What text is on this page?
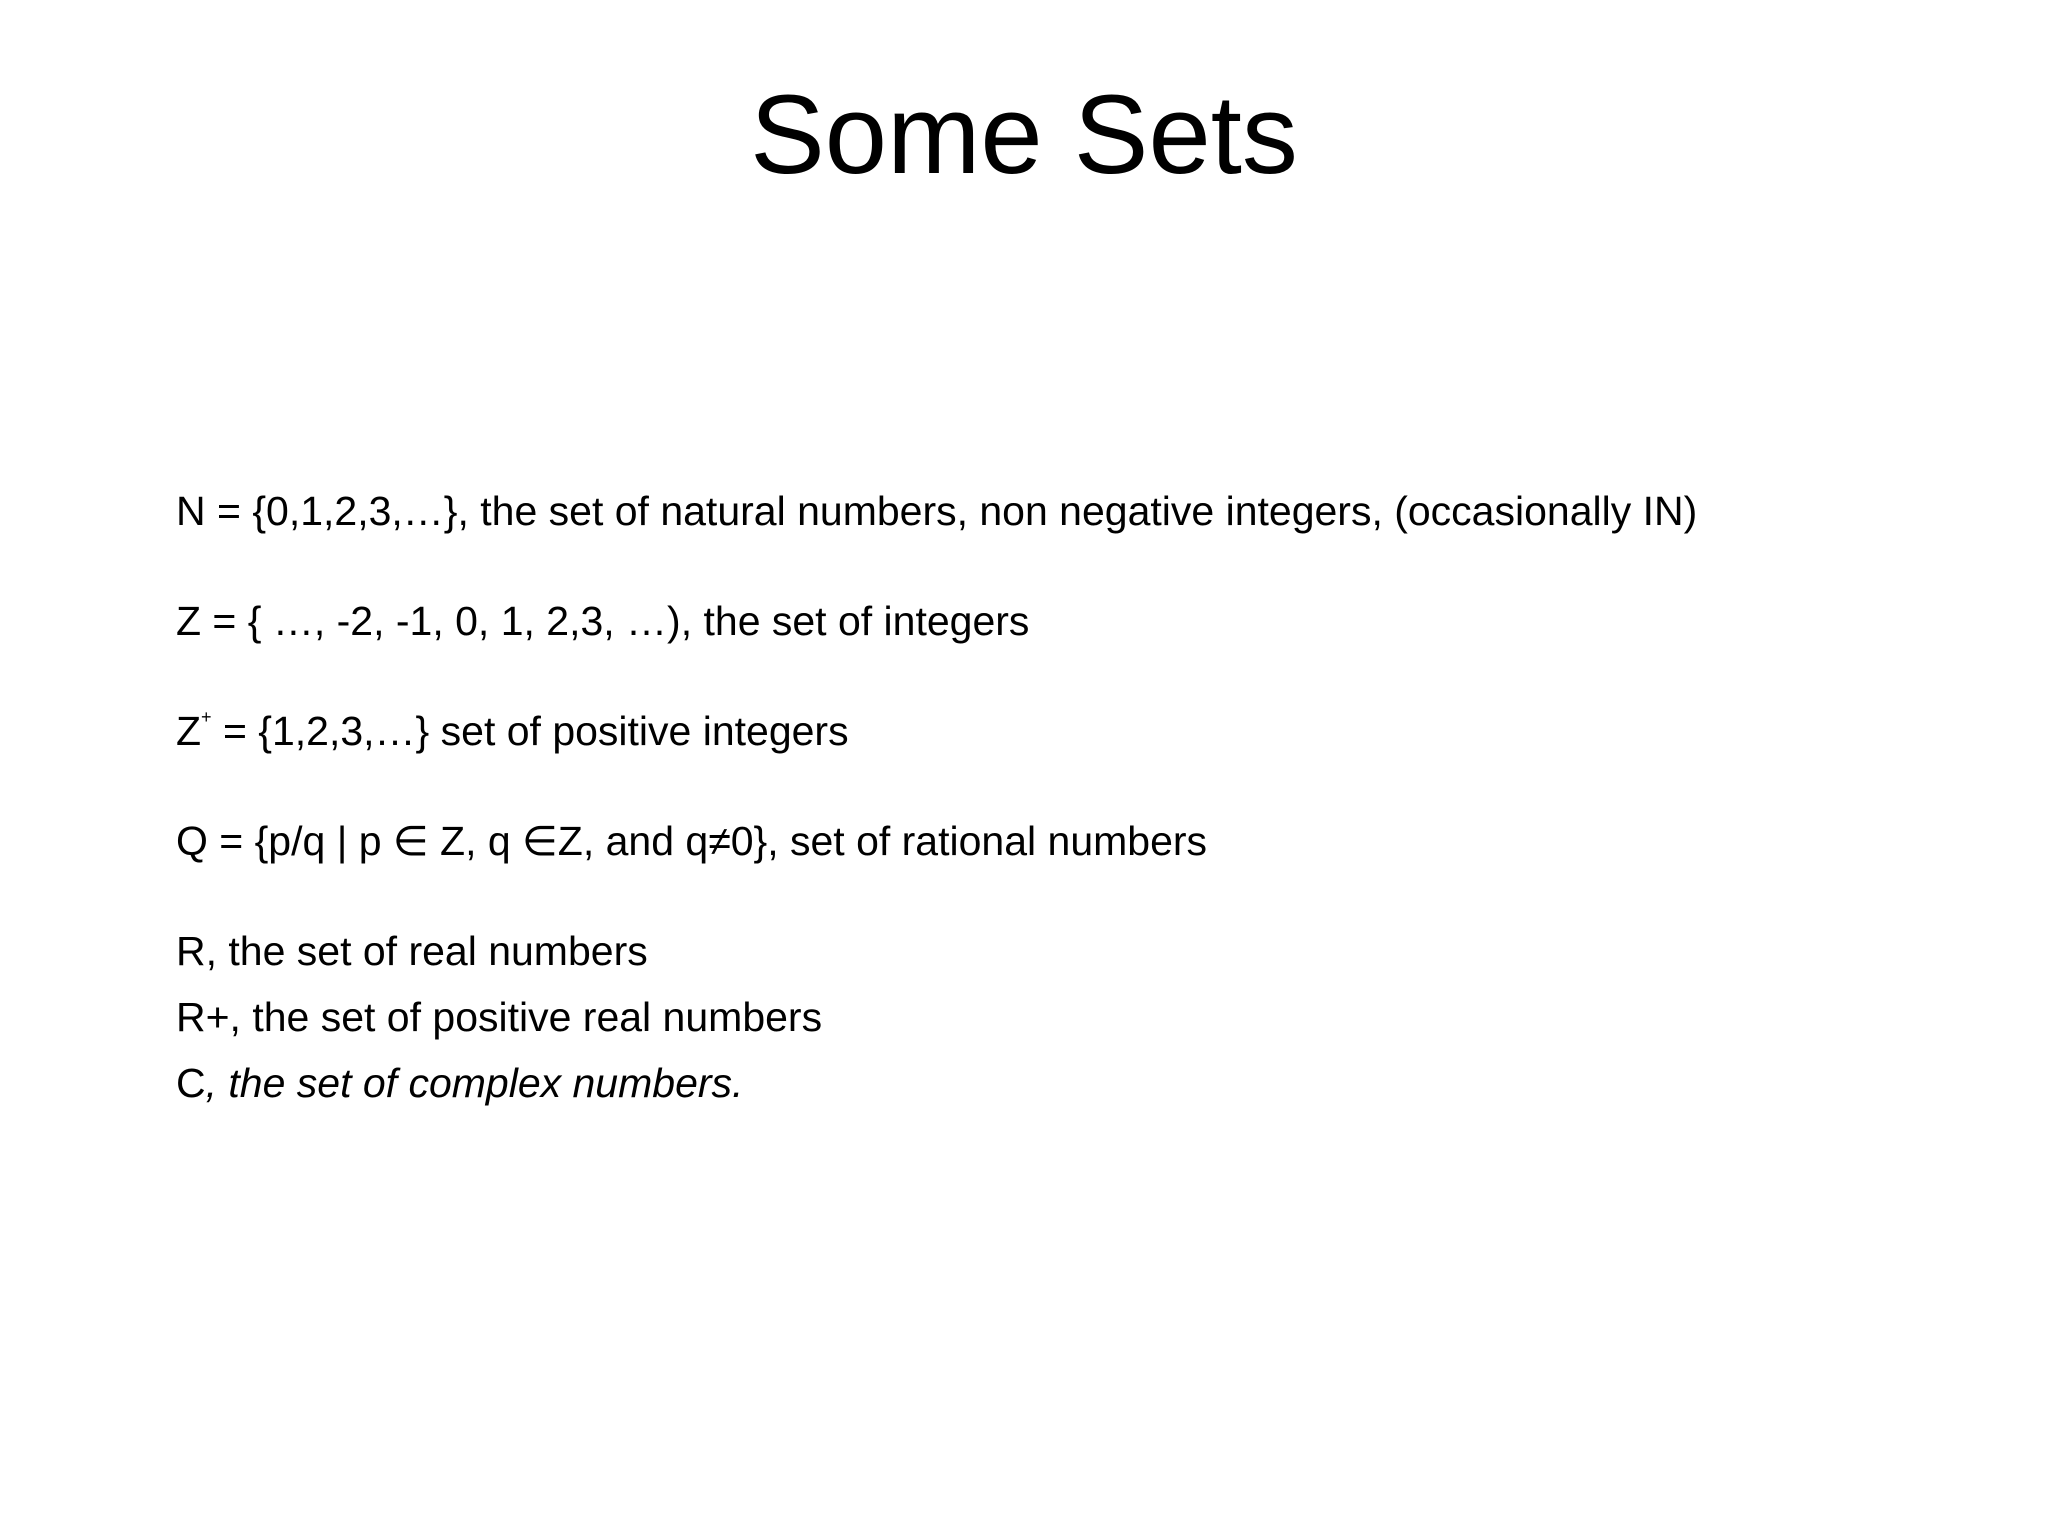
Some Sets
N = {0,1,2,3,…}, the set of natural numbers, non negative integers, (occasionally IN)
Z = { …, -2, -1, 0, 1, 2,3, …), the set of integers
Z+ = {1,2,3,…} set of positive integers
Q = {p/q | p ∈ Z, q ∈Z, and q≠0}, set of rational numbers
R, the set of real numbers
R+, the set of positive real numbers
C, the set of complex numbers.
